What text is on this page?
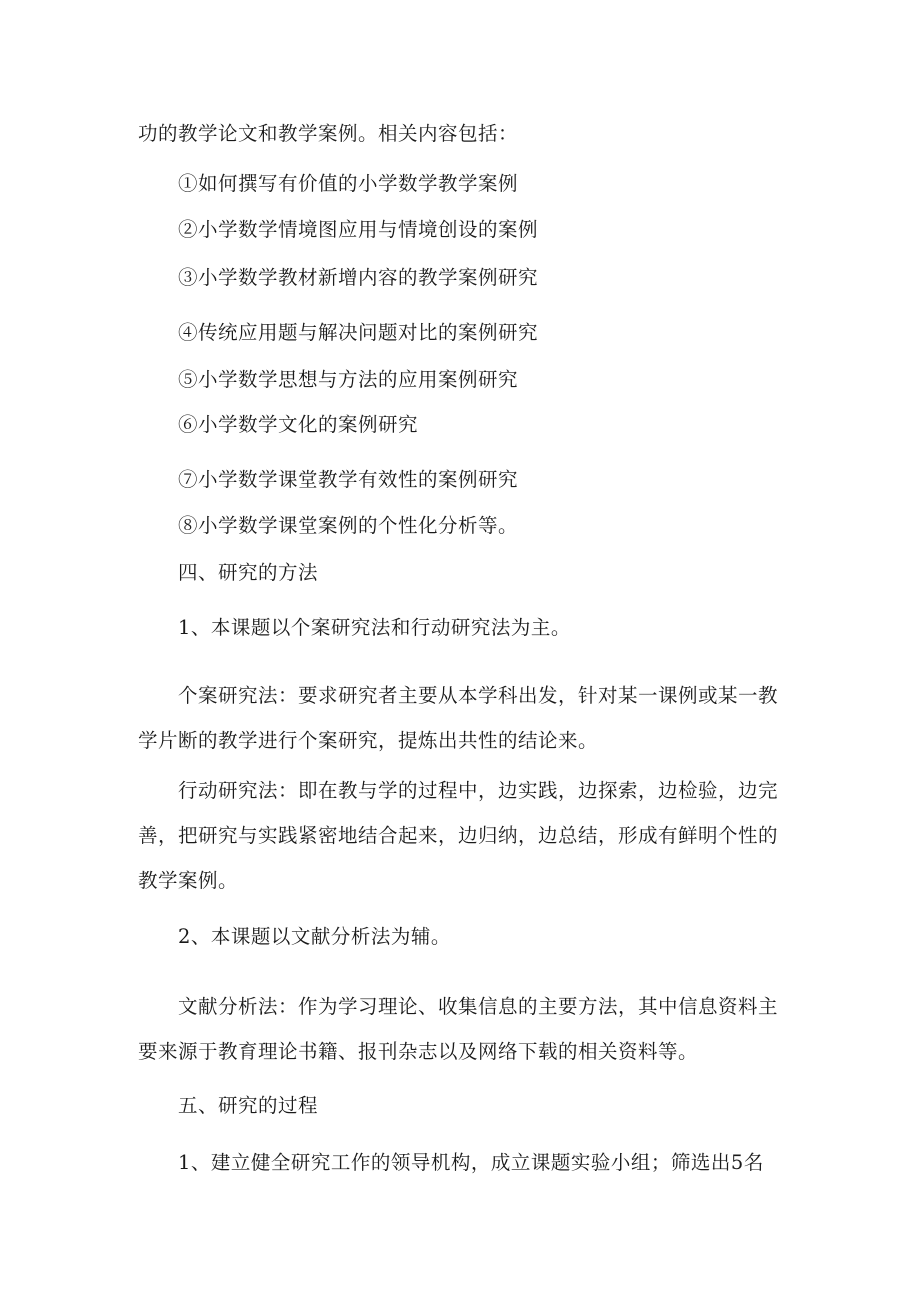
功的教学论文和教学案例。相关内容包括：
①如何撰写有价值的小学数学教学案例
②小学数学情境图应用与情境创设的案例
③小学数学教材新增内容的教学案例研究
④传统应用题与解决问题对比的案例研究
⑤小学数学思想与方法的应用案例研究
⑥小学数学文化的案例研究
⑦小学数学课堂教学有效性的案例研究
⑧小学数学课堂案例的个性化分析等。
四、研究的方法
1、本课题以个案研究法和行动研究法为主。
个案研究法：要求研究者主要从本学科出发，针对某一课例或某一教
学片断的教学进行个案研究，提炼出共性的结论来。
行动研究法：即在教与学的过程中，边实践，边探索，边检验，边完
善，把研究与实践紧密地结合起来，边归纳，边总结，形成有鲜明个性的
教学案例。
2、本课题以文献分析法为辅。
文献分析法：作为学习理论、收集信息的主要方法，其中信息资料主
要来源于教育理论书籍、报刊杂志以及网络下载的相关资料等。
五、研究的过程
1、建立健全研究工作的领导机构，成立课题实验小组；筛选出5名
